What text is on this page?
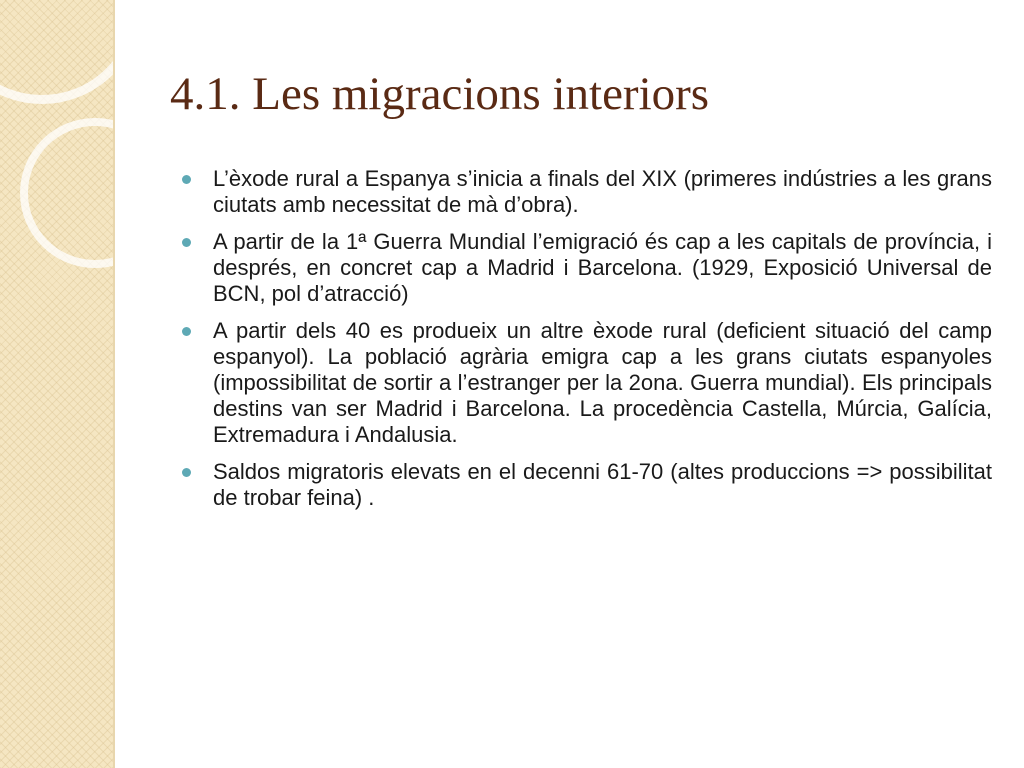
4.1. Les migracions interiors
L’èxode rural a Espanya s’inicia a finals del XIX (primeres indústries a les grans ciutats amb necessitat de mà d’obra).
A partir de la 1ª Guerra Mundial l’emigració és cap a les capitals de província, i després, en concret cap a Madrid i Barcelona. (1929, Exposició Universal de BCN, pol d’atracció)
A partir dels 40 es produeix un altre èxode rural (deficient situació del camp espanyol). La població agrària emigra cap a les grans ciutats espanyoles (impossibilitat de sortir a l’estranger per la 2ona. Guerra mundial). Els principals destins van ser Madrid i Barcelona. La procedència Castella, Múrcia, Galícia, Extremadura i Andalusia.
Saldos migratoris elevats en el decenni 61-70 (altes produccions => possibilitat de trobar feina) .
